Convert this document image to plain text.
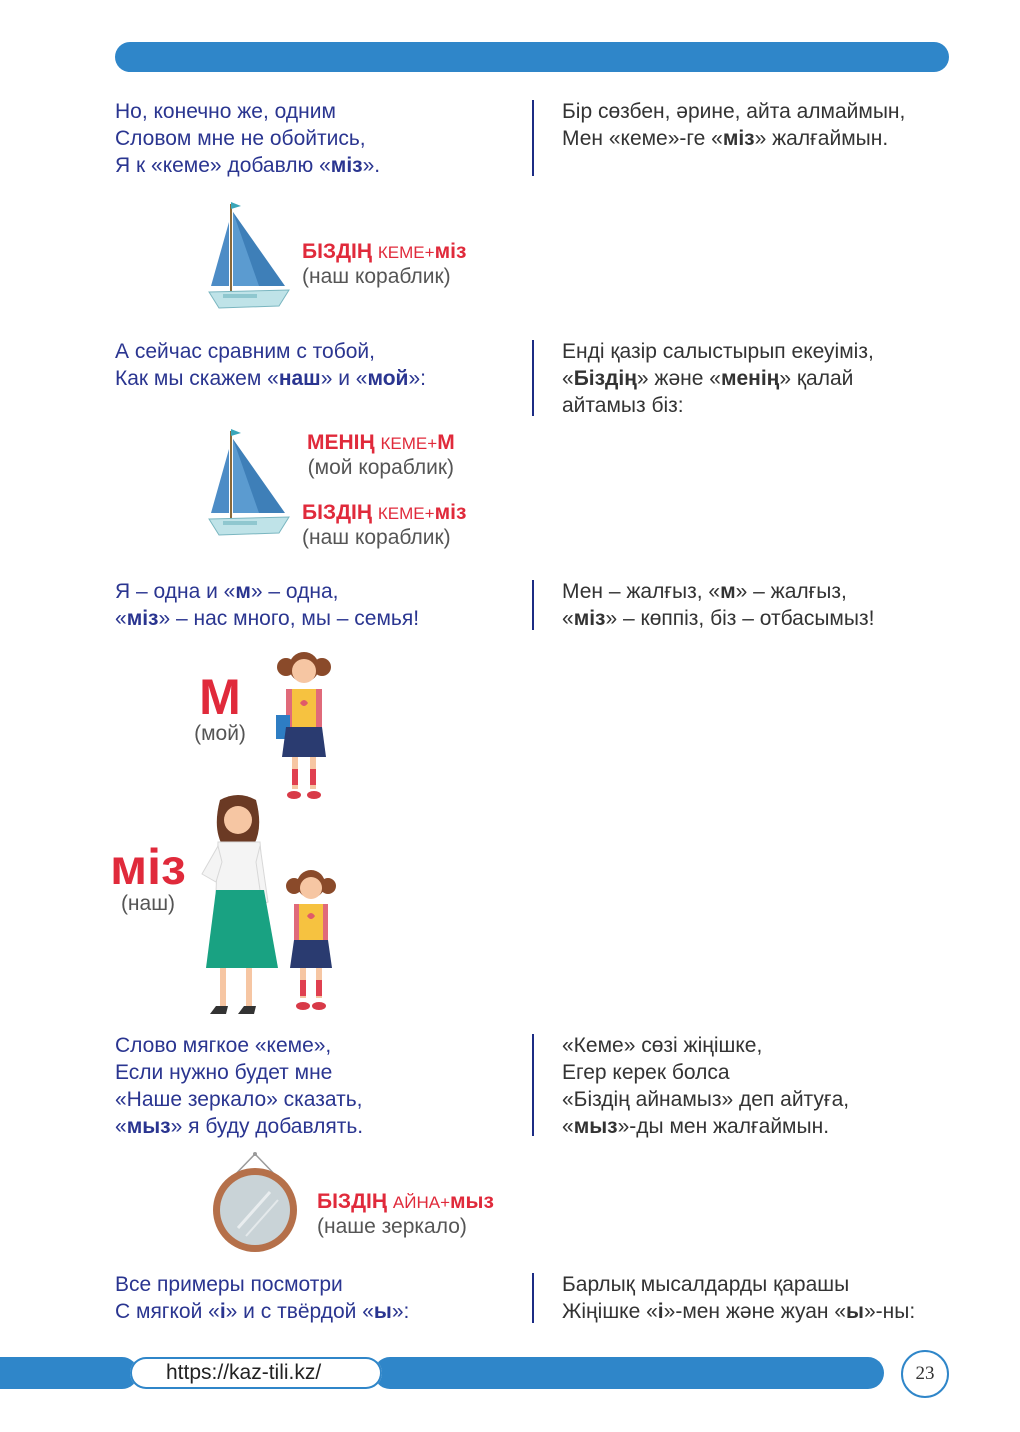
Но, конечно же, одним
Словом мне не обойтись,
Я к «кеме» добавлю «міз».
Бір сөзбен, әрине, айта алмаймын,
Мен «кеме»-ге «міз» жалғаймын.
БІЗДІҢ КЕМЕ+міз
(наш кораблик)
А сейчас сравним с тобой,
Как мы скажем «наш» и «мой»:
Енді қазір салыстырып екеуіміз,
«Біздің» және «менің» қалай
айтамыз біз:
МЕНІҢ КЕМЕ+М
(мой кораблик)
БІЗДІҢ КЕМЕ+міз
(наш кораблик)
Я – одна и «м» – одна,
«міз» – нас много, мы – семья!
Мен – жалғыз, «м» – жалғыз,
«міз» – көппіз, біз – отбасымыз!
М
(мой)
міз
(наш)
Слово мягкое «кеме»,
Если нужно будет мне
«Наше зеркало» сказать,
«мыз» я буду добавлять.
«Кеме» сөзі жіңішке,
Егер керек болса
«Біздің айнамыз» деп айтуға,
«мыз»-ды мен жалғаймын.
БІЗДІҢ АЙНА+мыз
(наше зеркало)
Все примеры посмотри
С мягкой «і» и с твёрдой «ы»:
Барлық мысалдарды қарашы
Жіңішке «і»-мен және жуан «ы»-ны:
https://kaz-tili.kz/	23
